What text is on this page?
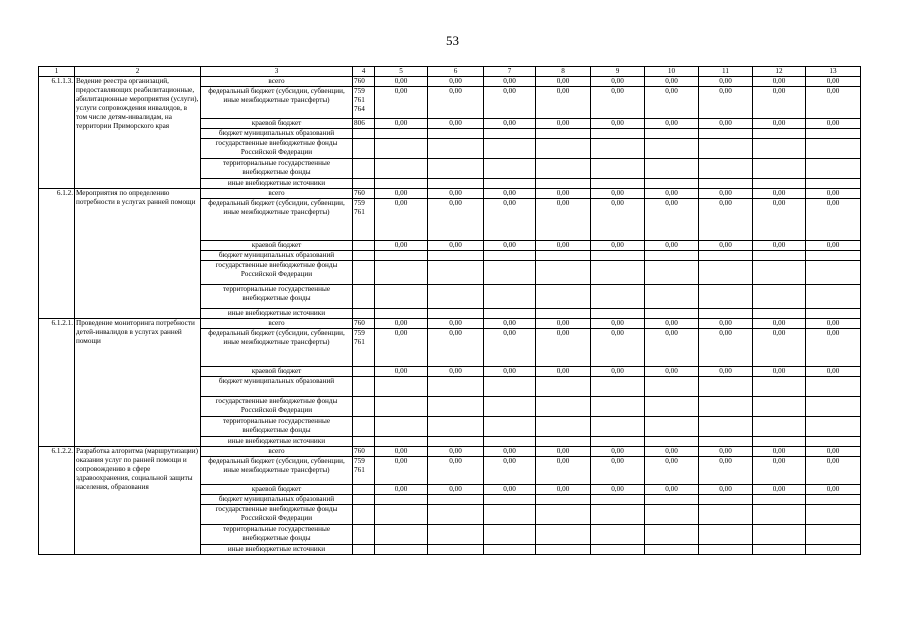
53
1	2	3	4	5	6	7	8	9	10	11	12	13
6.1.1.3.	Ведение реестра организаций, предоставляющих реабилитационные, абилитационные мероприятия (услуги), услуги сопровождения инвалидов, в том числе детям-инвалидам, на территории Приморского края	всего	760	0,00	0,00	0,00	0,00	0,00	0,00	0,00	0,00	0,00
		федеральный бюджет (субсидии, субвенции, иные межбюджетные трансферты)	759 761 764	0,00	0,00	0,00	0,00	0,00	0,00	0,00	0,00	0,00
		краевой бюджет	806	0,00	0,00	0,00	0,00	0,00	0,00	0,00	0,00	0,00
		бюджет муниципальных образований										
		государственные внебюджетные фонды Российской Федерации										
		территориальные государственные внебюджетные фонды										
		иные внебюджетные источники										
6.1.2.	Мероприятия по определению потребности в услугах ранней помощи	всего	760	0,00	0,00	0,00	0,00	0,00	0,00	0,00	0,00	0,00
		федеральный бюджет (субсидии, субвенции, иные межбюджетные трансферты)	759 761	0,00	0,00	0,00	0,00	0,00	0,00	0,00	0,00	0,00
		краевой бюджет		0,00	0,00	0,00	0,00	0,00	0,00	0,00	0,00	0,00
		бюджет муниципальных образований										
		государственные внебюджетные фонды Российской Федерации										
		территориальные государственные внебюджетные фонды										
		иные внебюджетные источники										
6.1.2.1.	Проведение мониторинга потребности детей-инвалидов в услугах ранней помощи	всего	760	0,00	0,00	0,00	0,00	0,00	0,00	0,00	0,00	0,00
		федеральный бюджет (субсидии, субвенции, иные межбюджетные трансферты)	759 761	0,00	0,00	0,00	0,00	0,00	0,00	0,00	0,00	0,00
		краевой бюджет		0,00	0,00	0,00	0,00	0,00	0,00	0,00	0,00	0,00
		бюджет муниципальных образований										
		государственные внебюджетные фонды Российской Федерации										
		территориальные государственные внебюджетные фонды										
		иные внебюджетные источники										
6.1.2.2.	Разработка алгоритма (маршрутизации) оказания услуг по ранней помощи и сопровождению в сфере здравоохранения, социальной защиты населения, образования	всего	760	0,00	0,00	0,00	0,00	0,00	0,00	0,00	0,00	0,00
		федеральный бюджет (субсидии, субвенции, иные межбюджетные трансферты)	759 761	0,00	0,00	0,00	0,00	0,00	0,00	0,00	0,00	0,00
		краевой бюджет		0,00	0,00	0,00	0,00	0,00	0,00	0,00	0,00	0,00
		бюджет муниципальных образований										
		государственные внебюджетные фонды Российской Федерации										
		территориальные государственные внебюджетные фонды										
		иные внебюджетные источники										
